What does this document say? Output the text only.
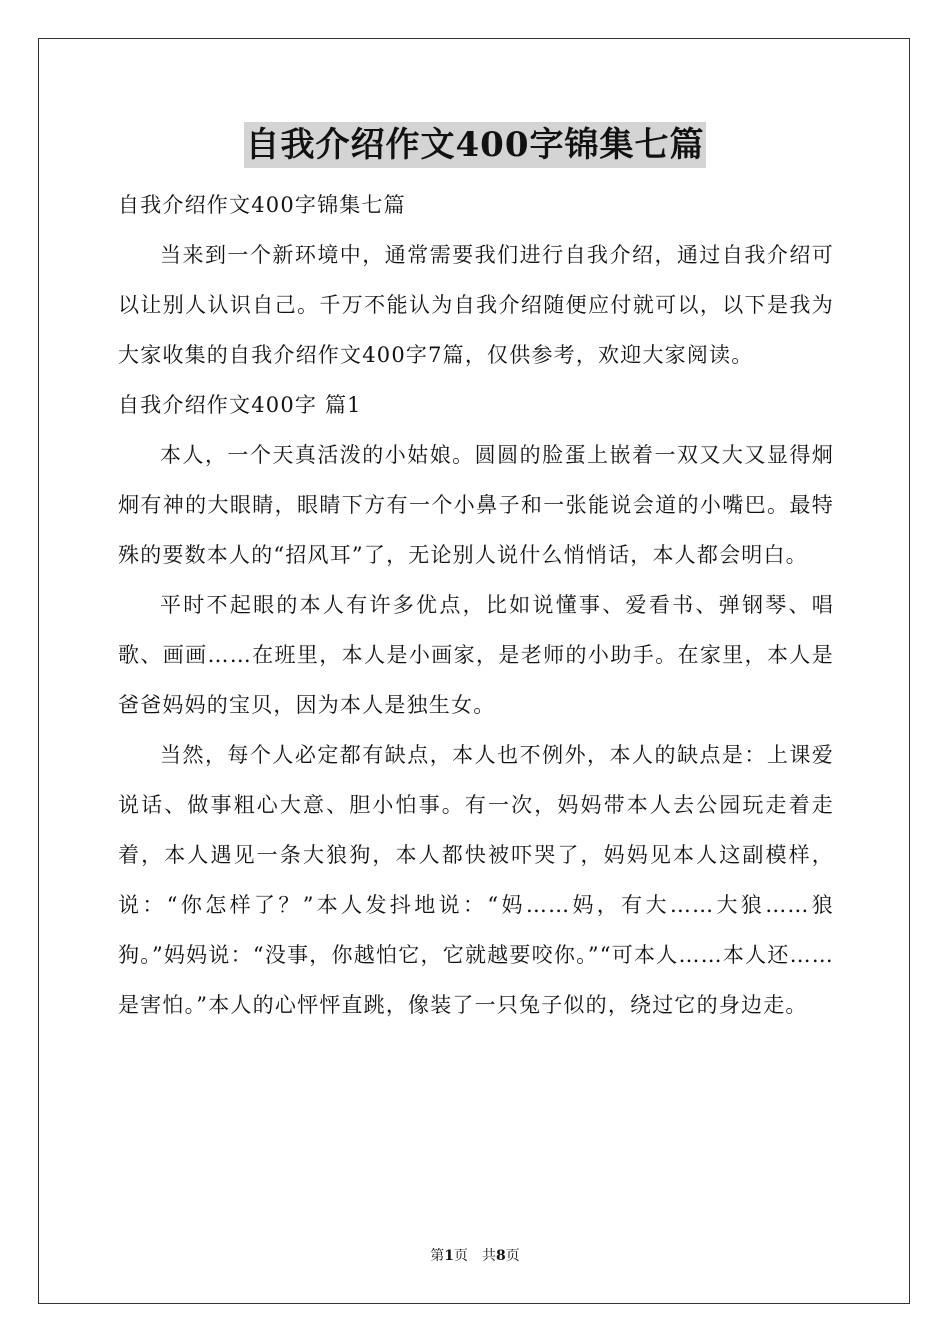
自我介绍作文400字锦集七篇

自我介绍作文400字锦集七篇

当来到一个新环境中，通常需要我们进行自我介绍，通过自我介绍可以让别人认识自己。千万不能认为自我介绍随便应付就可以，以下是我为大家收集的自我介绍作文400字7篇，仅供参考，欢迎大家阅读。

自我介绍作文400字 篇1

本人，一个天真活泼的小姑娘。圆圆的脸蛋上嵌着一双又大又显得炯炯有神的大眼睛，眼睛下方有一个小鼻子和一张能说会道的小嘴巴。最特殊的要数本人的“招风耳”了，无论别人说什么悄悄话，本人都会明白。

平时不起眼的本人有许多优点，比如说懂事、爱看书、弹钢琴、唱歌、画画……在班里，本人是小画家，是老师的小助手。在家里，本人是爸爸妈妈的宝贝，因为本人是独生女。

当然，每个人必定都有缺点，本人也不例外，本人的缺点是：上课爱说话、做事粗心大意、胆小怕事。有一次，妈妈带本人去公园玩走着走着，本人遇见一条大狼狗，本人都快被吓哭了，妈妈见本人这副模样，说：“你怎样了？”本人发抖地说：“妈……妈，有大……大狼……狼狗。”妈妈说：“没事，你越怕它，它就越要咬你。”“可本人……本人还……是害怕。”本人的心怦怦直跳，像装了一只兔子似的，绕过它的身边走。

第1页　共8页
